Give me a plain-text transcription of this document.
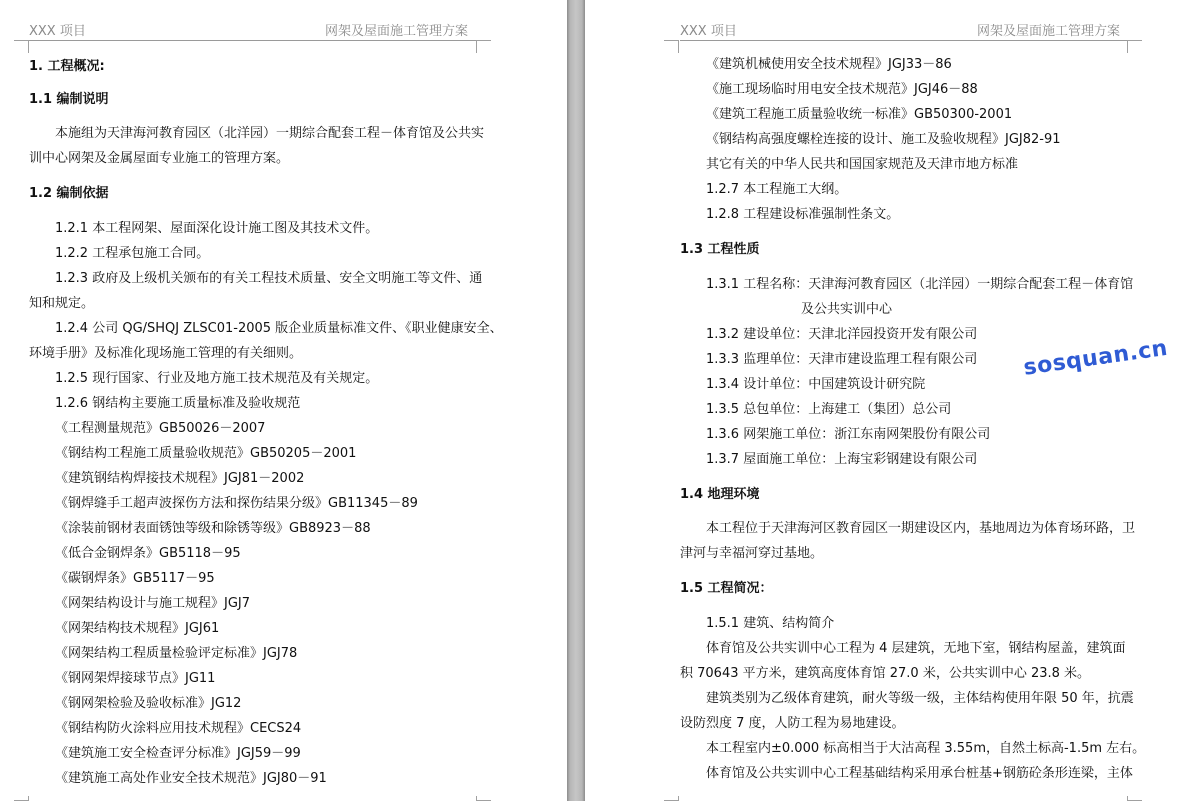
XXX 项目	网架及屋面施工管理方案
1. 工程概况:
1.1 编制说明
本施组为天津海河教育园区（北洋园）一期综合配套工程－体育馆及公共实
训中心网架及金属屋面专业施工的管理方案。
1.2 编制依据
1.2.1 本工程网架、屋面深化设计施工图及其技术文件。
1.2.2 工程承包施工合同。
1.2.3 政府及上级机关颁布的有关工程技术质量、安全文明施工等文件、通
知和规定。
1.2.4 公司 QG/SHQJ ZLSC01-2005 版企业质量标准文件、《职业健康安全、
环境手册》及标准化现场施工管理的有关细则。
1.2.5 现行国家、行业及地方施工技术规范及有关规定。
1.2.6 钢结构主要施工质量标准及验收规范
《工程测量规范》GB50026－2007
《钢结构工程施工质量验收规范》GB50205－2001
《建筑钢结构焊接技术规程》JGJ81－2002
《钢焊缝手工超声波探伤方法和探伤结果分级》GB11345－89
《涂装前钢材表面锈蚀等级和除锈等级》GB8923－88
《低合金钢焊条》GB5118－95
《碳钢焊条》GB5117－95
《网架结构设计与施工规程》JGJ7
《网架结构技术规程》JGJ61
《网架结构工程质量检验评定标准》JGJ78
《钢网架焊接球节点》JG11
《钢网架检验及验收标准》JG12
《钢结构防火涂料应用技术规程》CECS24
《建筑施工安全检查评分标准》JGJ59－99
《建筑施工高处作业安全技术规范》JGJ80－91
XXX 项目	网架及屋面施工管理方案
《建筑机械使用安全技术规程》JGJ33－86
《施工现场临时用电安全技术规范》JGJ46－88
《建筑工程施工质量验收统一标准》GB50300-2001
《钢结构高强度螺栓连接的设计、施工及验收规程》JGJ82-91
其它有关的中华人民共和国国家规范及天津市地方标准
1.2.7 本工程施工大纲。
1.2.8 工程建设标准强制性条文。
1.3 工程性质
1.3.1 工程名称：天津海河教育园区（北洋园）一期综合配套工程－体育馆
及公共实训中心
1.3.2 建设单位：天津北洋园投资开发有限公司
1.3.3 监理单位：天津市建设监理工程有限公司
1.3.4 设计单位：中国建筑设计研究院
1.3.5 总包单位：上海建工（集团）总公司
1.3.6 网架施工单位：浙江东南网架股份有限公司
1.3.7 屋面施工单位：上海宝彩钢建设有限公司
1.4 地理环境
本工程位于天津海河区教育园区一期建设区内，基地周边为体育场环路，卫
津河与幸福河穿过基地。
1.5 工程简况：
1.5.1 建筑、结构简介
体育馆及公共实训中心工程为 4 层建筑，无地下室，钢结构屋盖，建筑面
积 70643 平方米，建筑高度体育馆 27.0 米，公共实训中心 23.8 米。
建筑类别为乙级体育建筑，耐火等级一级，主体结构使用年限 50 年，抗震
设防烈度 7 度，人防工程为易地建设。
本工程室内±0.000 标高相当于大沽高程 3.55m，自然土标高-1.5m 左右。
体育馆及公共实训中心工程基础结构采用承台桩基+钢筋砼条形连梁，主体
sosquan.cn
